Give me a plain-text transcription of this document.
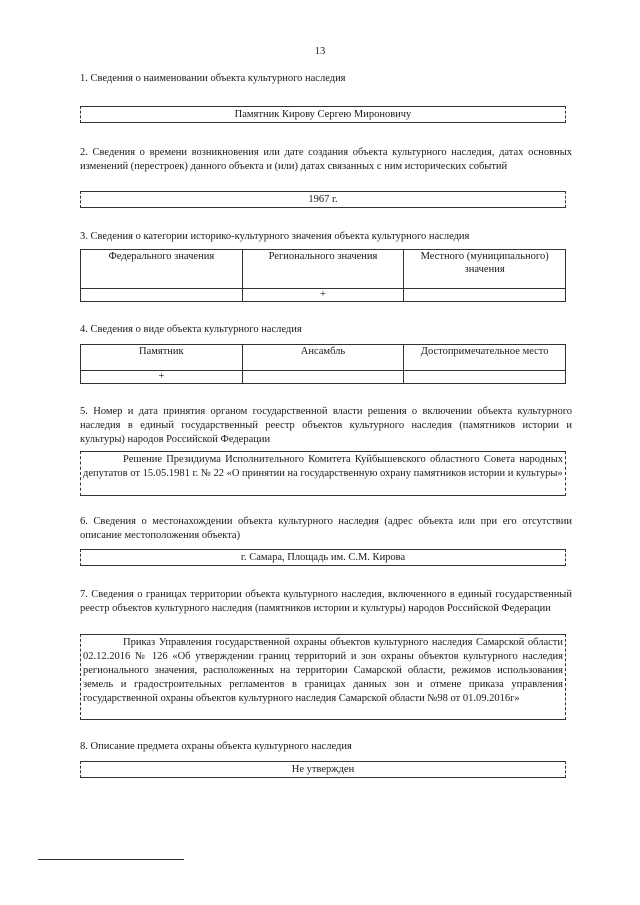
13
1. Сведения о наименовании объекта культурного наследия
Памятник Кирову Сергею Мироновичу
2. Сведения о времени возникновения или дате создания объекта культурного наследия, датах основных изменений (перестроек) данного объекта и (или) датах связанных с ним исторических событий
1967 г.
3. Сведения о категории историко-культурного значения объекта культурного наследия
Федерального значения	Регионального значения	Местного (муниципального) значения
	+	
4. Сведения о виде объекта культурного наследия
Памятник	Ансамбль	Достопримечательное место
+		
5. Номер и дата принятия органом государственной власти решения о включении объекта культурного наследия в единый государственный реестр объектов культурного наследия (памятников истории и культуры) народов Российской Федерации
Решение Президиума Исполнительного Комитета Куйбышевского областного Совета народных депутатов от 15.05.1981 г. № 22 «О принятии на государственную охрану памятников истории и культуры»
6. Сведения о местонахождении объекта культурного наследия (адрес объекта или при его отсутствии описание местоположения объекта)
г. Самара, Площадь им. С.М. Кирова
7. Сведения о границах территории объекта культурного наследия, включенного в единый государственный реестр объектов культурного наследия (памятников истории и культуры) народов Российской Федерации
Приказ Управления государственной охраны объектов культурного наследия Самарской области 02.12.2016 № 126 «Об утверждении границ территорий и зон охраны объектов культурного наследия регионального значения, расположенных на территории Самарской области, режимов использования земель и градостроительных регламентов в границах данных зон и отмене приказа управления государственной охраны объектов культурного наследия Самарской области №98 от 01.09.2016г»
8. Описание предмета охраны объекта культурного наследия
Не утвержден
